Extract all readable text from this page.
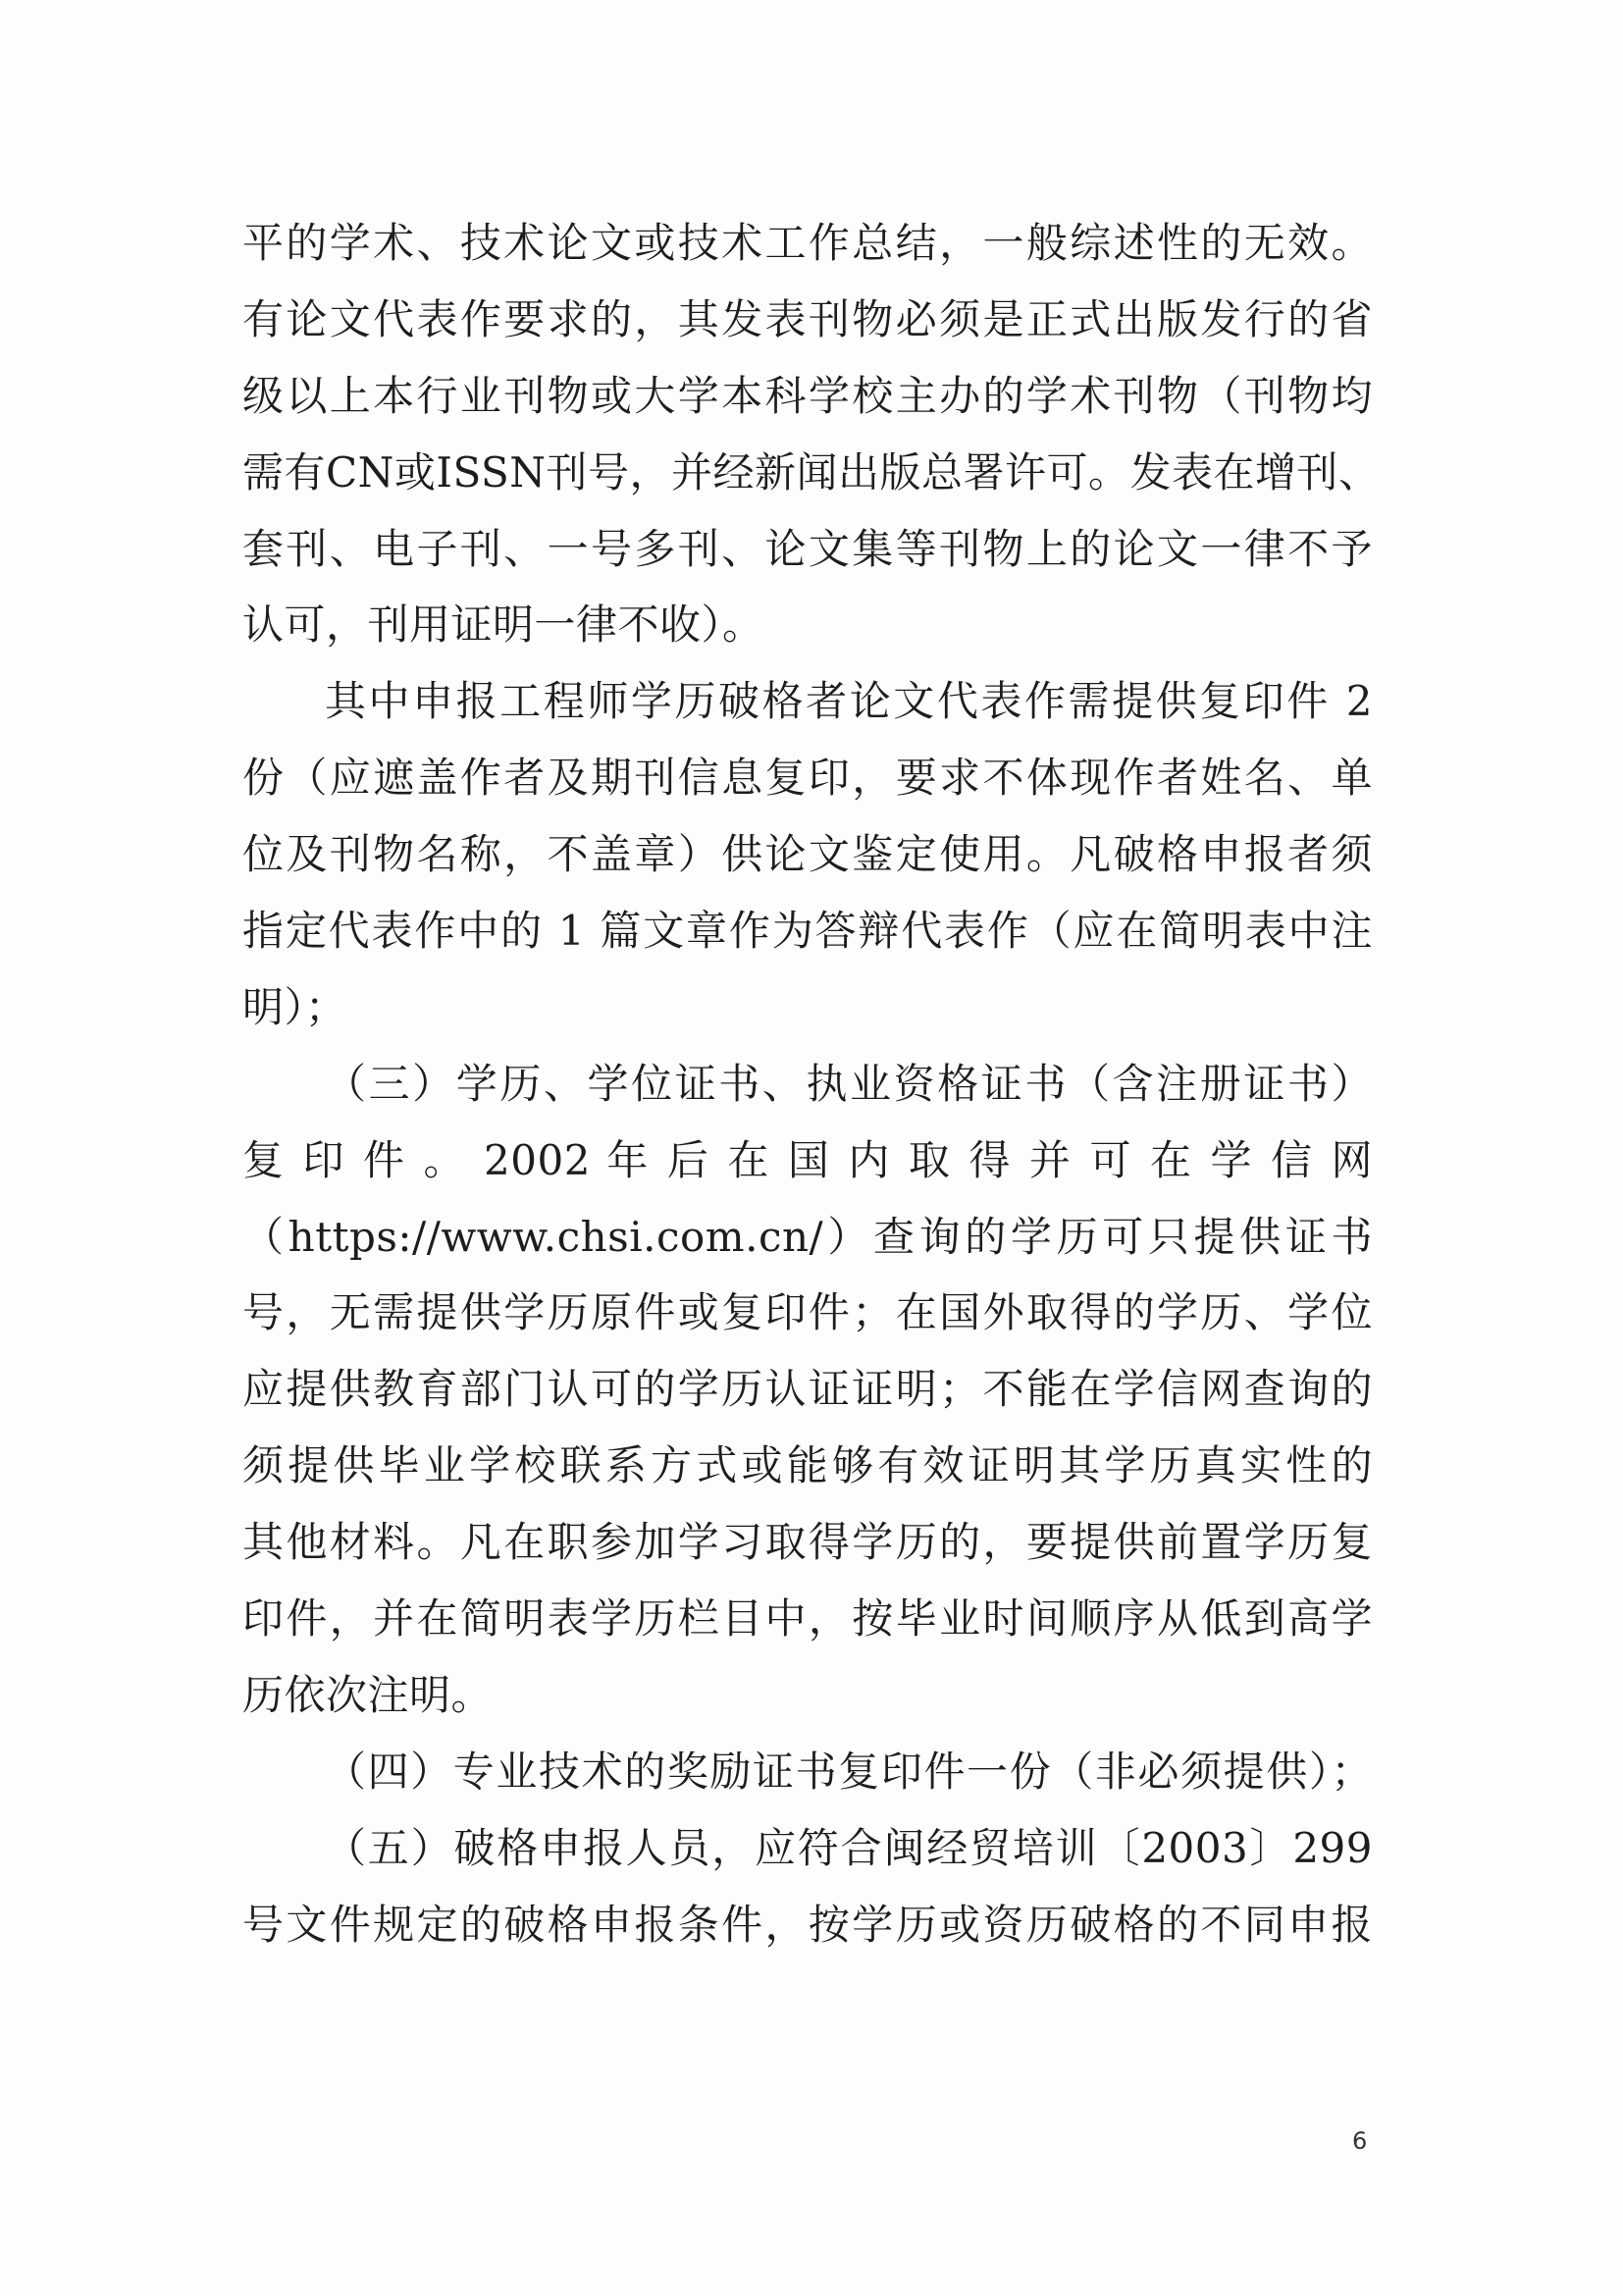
平的学术、技术论文或技术工作总结，一般综述性的无效。
有论文代表作要求的，其发表刊物必须是正式出版发行的省
级以上本行业刊物或大学本科学校主办的学术刊物（刊物均
需有CN或ISSN刊号，并经新闻出版总署许可。发表在增刊、
套刊、电子刊、一号多刊、论文集等刊物上的论文一律不予
认可，刊用证明一律不收）。
其中申报工程师学历破格者论文代表作需提供复印件 2
份（应遮盖作者及期刊信息复印，要求不体现作者姓名、单
位及刊物名称，不盖章）供论文鉴定使用。凡破格申报者须
指定代表作中的 1 篇文章作为答辩代表作（应在简明表中注
明）；
（三）学历、学位证书、执业资格证书（含注册证书）
复 印 件 。 2002 年 后 在 国 内 取 得 并 可 在 学 信 网
（https://www.chsi.com.cn/）查询的学历可只提供证书
号，无需提供学历原件或复印件；在国外取得的学历、学位
应提供教育部门认可的学历认证证明；不能在学信网查询的
须提供毕业学校联系方式或能够有效证明其学历真实性的
其他材料。凡在职参加学习取得学历的，要提供前置学历复
印件，并在简明表学历栏目中，按毕业时间顺序从低到高学
历依次注明。
（四）专业技术的奖励证书复印件一份（非必须提供）；
（五）破格申报人员，应符合闽经贸培训〔2003〕299
号文件规定的破格申报条件，按学历或资历破格的不同申报
6
